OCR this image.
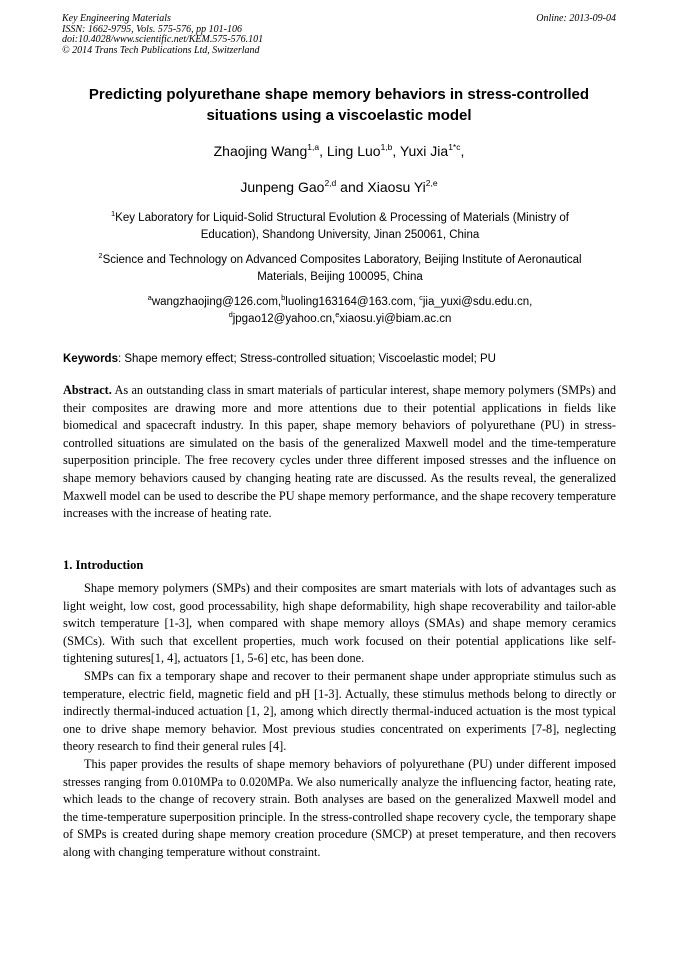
Key Engineering Materials
ISSN: 1662-9795, Vols. 575-576, pp 101-106
doi:10.4028/www.scientific.net/KEM.575-576.101
© 2014 Trans Tech Publications Ltd, Switzerland
Online: 2013-09-04
Predicting polyurethane shape memory behaviors in stress-controlled
situations using a viscoelastic model
Zhaojing Wang$^{1,a}$, Ling Luo$^{1,b}$, Yuxi Jia$^{1*c}$,
Junpeng Gao$^{2,d}$ and Xiaosu Yi$^{2,e}$
$^1$Key Laboratory for Liquid-Solid Structural Evolution & Processing of Materials (Ministry of
Education), Shandong University, Jinan 250061, China
$^2$Science and Technology on Advanced Composites Laboratory, Beijing Institute of Aeronautical
Materials, Beijing 100095, China
$^a$wangzhaojing@126.com,$^b$luoling163164@163.com, $^c$jia_yuxi@sdu.edu.cn,
$^d$jpgao12@yahoo.cn,$^e$xiaosu.yi@biam.ac.cn
Keywords: Shape memory effect; Stress-controlled situation; Viscoelastic model; PU
Abstract. As an outstanding class in smart materials of particular interest, shape memory polymers (SMPs) and their composites are drawing more and more attentions due to their potential applications in fields like biomedical and spacecraft industry. In this paper, shape memory behaviors of polyurethane (PU) in stress-controlled situations are simulated on the basis of the generalized Maxwell model and the time-temperature superposition principle. The free recovery cycles under three different imposed stresses and the influence on shape memory behaviors caused by changing heating rate are discussed. As the results reveal, the generalized Maxwell model can be used to describe the PU shape memory performance, and the shape recovery temperature increases with the increase of heating rate.
1. Introduction

Shape memory polymers (SMPs) and their composites are smart materials with lots of advantages such as light weight, low cost, good processability, high shape deformability, high shape recoverability and tailor-able switch temperature [1-3], when compared with shape memory alloys (SMAs) and shape memory ceramics (SMCs). With such that excellent properties, much work focused on their potential applications like self-tightening sutures[1, 4], actuators [1, 5-6] etc, has been done.

SMPs can fix a temporary shape and recover to their permanent shape under appropriate stimulus such as temperature, electric field, magnetic field and pH [1-3]. Actually, these stimulus methods belong to directly or indirectly thermal-induced actuation [1, 2], among which directly thermal-induced actuation is the most typical one to drive shape memory behavior. Most previous studies concentrated on experiments [7-8], neglecting theory research to find their general rules [4].

This paper provides the results of shape memory behaviors of polyurethane (PU) under different imposed stresses ranging from 0.010MPa to 0.020MPa. We also numerically analyze the influencing factor, heating rate, which leads to the change of recovery strain. Both analyses are based on the generalized Maxwell model and the time-temperature superposition principle. In the stress-controlled shape recovery cycle, the temporary shape of SMPs is created during shape memory creation procedure (SMCP) at preset temperature, and then recovers along with changing temperature without constraint.
